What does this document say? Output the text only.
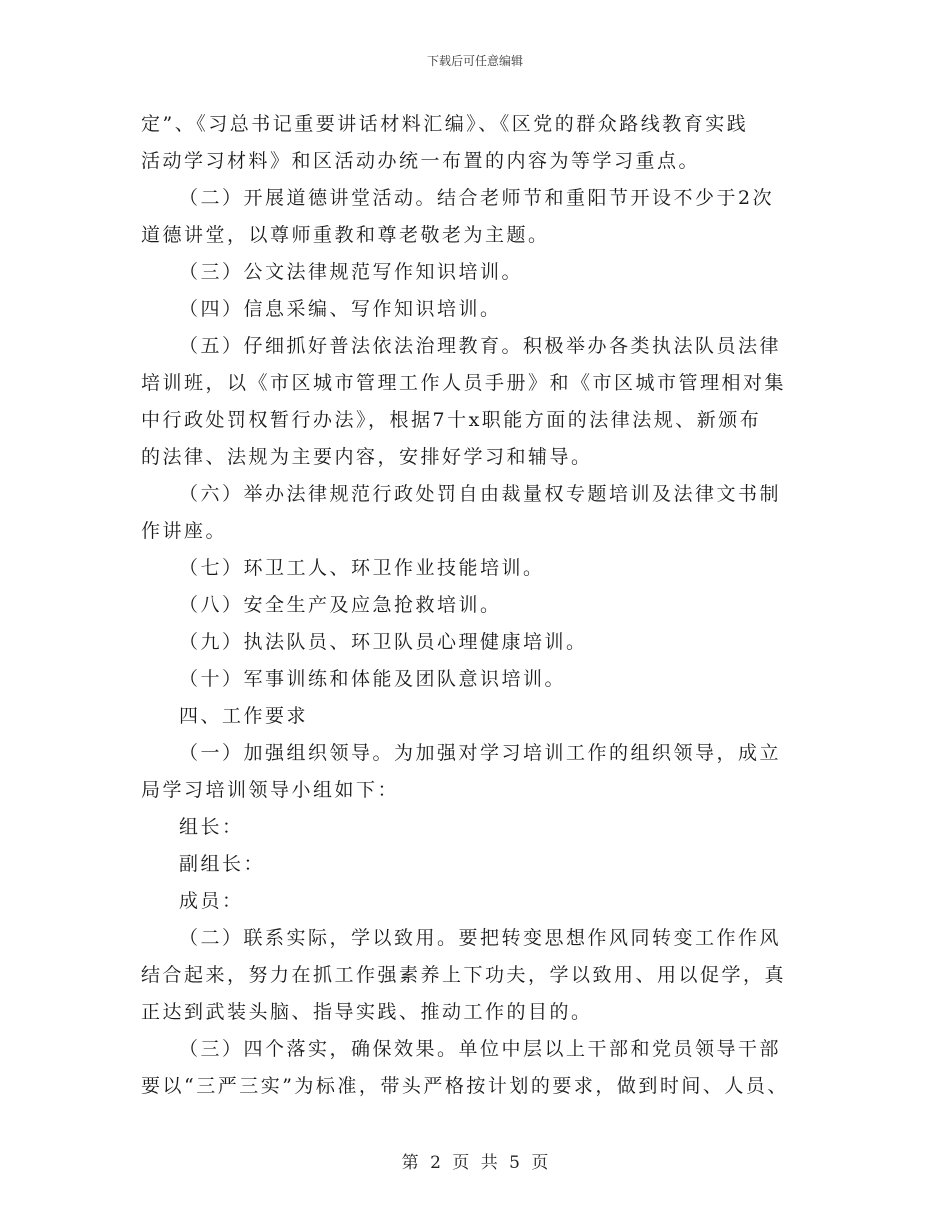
下载后可任意编辑
定”、《习总书记重要讲话材料汇编》、《区党的群众路线教育实践
活动学习材料》和区活动办统一布置的内容为等学习重点。
（二）开展道德讲堂活动。结合老师节和重阳节开设不少于2次
道德讲堂，以尊师重教和尊老敬老为主题。
（三）公文法律规范写作知识培训。
（四）信息采编、写作知识培训。
（五）仔细抓好普法依法治理教育。积极举办各类执法队员法律
培训班，以《市区城市管理工作人员手册》和《市区城市管理相对集
中行政处罚权暂行办法》，根据7十x职能方面的法律法规、新颁布
的法律、法规为主要内容，安排好学习和辅导。
（六）举办法律规范行政处罚自由裁量权专题培训及法律文书制
作讲座。
（七）环卫工人、环卫作业技能培训。
（八）安全生产及应急抢救培训。
（九）执法队员、环卫队员心理健康培训。
（十）军事训练和体能及团队意识培训。
四、工作要求
（一）加强组织领导。为加强对学习培训工作的组织领导，成立
局学习培训领导小组如下：
组长：
副组长：
成员：
（二）联系实际，学以致用。要把转变思想作风同转变工作作风
结合起来，努力在抓工作强素养上下功夫，学以致用、用以促学，真
正达到武装头脑、指导实践、推动工作的目的。
（三）四个落实，确保效果。单位中层以上干部和党员领导干部
要以“三严三实”为标准，带头严格按计划的要求，做到时间、人员、
第 2 页 共 5 页
